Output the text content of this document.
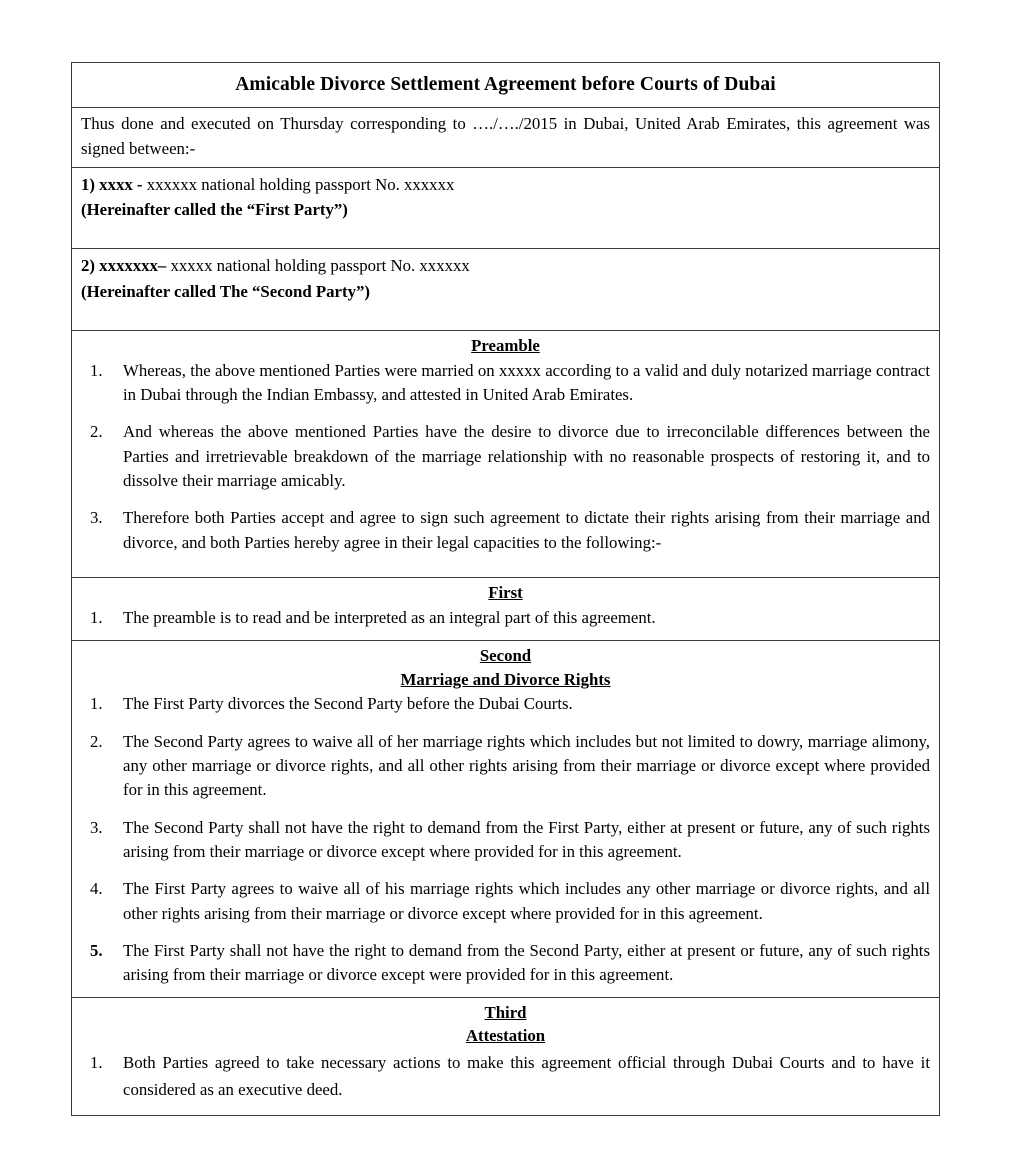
Amicable Divorce Settlement Agreement before Courts of Dubai

Thus done and executed on Thursday corresponding to …./…./2015 in Dubai, United Arab Emirates, this agreement was signed between:-

1) xxxx - xxxxxx national holding passport No. xxxxxx

(Hereinafter called the “First Party”)

2) xxxxxxx– xxxxx national holding passport No. xxxxxx

(Hereinafter called The “Second Party”)

Preamble
1.	Whereas, the above mentioned Parties were married on xxxxx according to a valid and duly notarized marriage contract in Dubai through the Indian Embassy, and attested in United Arab Emirates.
2.	And whereas the above mentioned Parties have the desire to divorce due to irreconcilable differences between the Parties and irretrievable breakdown of the marriage relationship with no reasonable prospects of restoring it, and to dissolve their marriage amicably.
3.	Therefore both Parties accept and agree to sign such agreement to dictate their rights arising from their marriage and divorce, and both Parties hereby agree in their legal capacities to the following:-
First
1.	The preamble is to read and be interpreted as an integral part of this agreement.
Second
Marriage and Divorce Rights
1.	The First Party divorces the Second Party before the Dubai Courts.
2.	The Second Party agrees to waive all of her marriage rights which includes but not limited to dowry, marriage alimony, any other marriage or divorce rights, and all other rights arising from their marriage or divorce except where provided for in this agreement.
3.	The Second Party shall not have the right to demand from the First Party, either at present or future, any of such rights arising from their marriage or divorce except where provided for in this agreement.
4.	The First Party agrees to waive all of his marriage rights which includes any other marriage or divorce rights, and all other rights arising from their marriage or divorce except where provided for in this agreement.
5.	The First Party shall not have the right to demand from the Second Party, either at present or future, any of such rights arising from their marriage or divorce except were provided for in this agreement.
Third
Attestation
1.	Both Parties agreed to take necessary actions to make this agreement official through Dubai Courts and to have it considered as an executive deed.
